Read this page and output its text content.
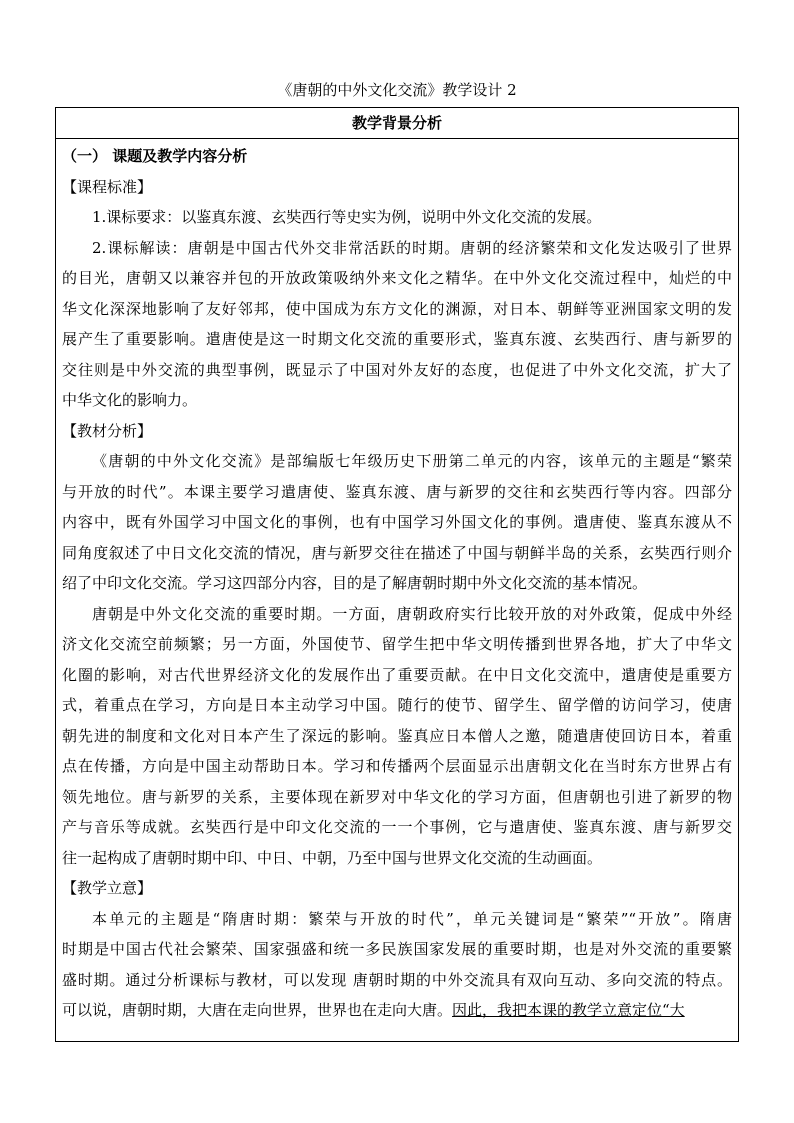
《唐朝的中外文化交流》教学设计 2
教学背景分析

（一） 课题及教学内容分析

【课程标准】

1.课标要求：以鉴真东渡、玄奘西行等史实为例，说明中外文化交流的发展。

2.课标解读：唐朝是中国古代外交非常活跃的时期。唐朝的经济繁荣和文化发达吸引了世界

的目光，唐朝又以兼容并包的开放政策吸纳外来文化之精华。在中外文化交流过程中，灿烂的中

华文化深深地影响了友好邻邦，使中国成为东方文化的渊源，对日本、朝鲜等亚洲国家文明的发

展产生了重要影响。遣唐使是这一时期文化交流的重要形式，鉴真东渡、玄奘西行、唐与新罗的

交往则是中外交流的典型事例，既显示了中国对外友好的态度，也促进了中外文化交流，扩大了

中华文化的影响力。

【教材分析】

《唐朝的中外文化交流》是部编版七年级历史下册第二单元的内容，该单元的主题是“繁荣

与开放的时代”。本课主要学习遣唐使、鉴真东渡、唐与新罗的交往和玄奘西行等内容。四部分

内容中，既有外国学习中国文化的事例，也有中国学习外国文化的事例。遣唐使、鉴真东渡从不

同角度叙述了中日文化交流的情况，唐与新罗交往在描述了中国与朝鲜半岛的关系，玄奘西行则介

绍了中印文化交流。学习这四部分内容，目的是了解唐朝时期中外文化交流的基本情况。

唐朝是中外文化交流的重要时期。一方面，唐朝政府实行比较开放的对外政策，促成中外经

济文化交流空前频繁；另一方面，外国使节、留学生把中华文明传播到世界各地，扩大了中华文

化圈的影响，对古代世界经济文化的发展作出了重要贡献。在中日文化交流中，遣唐使是重要方

式，着重点在学习，方向是日本主动学习中国。随行的使节、留学生、留学僧的访问学习，使唐

朝先进的制度和文化对日本产生了深远的影响。鉴真应日本僧人之邀，随遣唐使回访日本，着重

点在传播，方向是中国主动帮助日本。学习和传播两个层面显示出唐朝文化在当时东方世界占有

领先地位。唐与新罗的关系，主要体现在新罗对中华文化的学习方面，但唐朝也引进了新罗的物

产与音乐等成就。玄奘西行是中印文化交流的一一个事例，它与遣唐使、鉴真东渡、唐与新罗交

往一起构成了唐朝时期中印、中日、中朝，乃至中国与世界文化交流的生动画面。

【教学立意】

本单元的主题是“隋唐时期：繁荣与开放的时代”，单元关键词是“繁荣”“开放”。隋唐

时期是中国古代社会繁荣、国家强盛和统一多民族国家发展的重要时期，也是对外交流的重要繁

盛时期。通过分析课标与教材，可以发现 唐朝时期的中外交流具有双向互动、多向交流的特点。

可以说，唐朝时期，大唐在走向世界，世界也在走向大唐。因此，我把本课的教学立意定位“大
